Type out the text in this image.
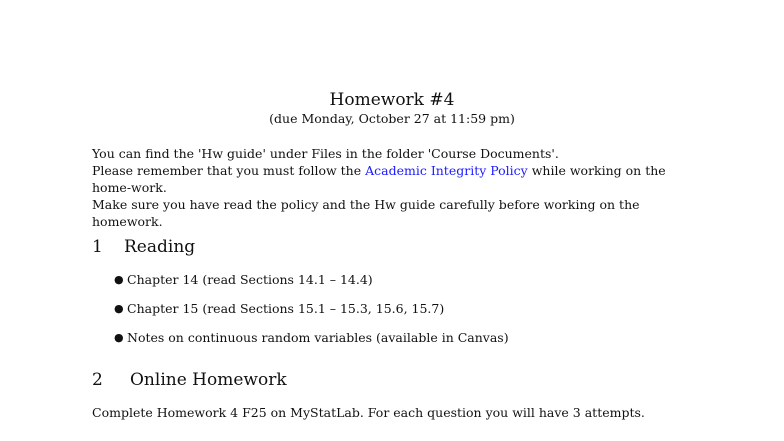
Homework #4
(due Monday, October 27 at 11:59 pm)

You can find the 'Hw guide' under Files in the folder 'Course Documents'.

Please remember that you must follow the Academic Integrity Policy while working on the home-work.

Make sure you have read the policy and the Hw guide carefully before working on the homework.

1 Reading
● Chapter 14 (read Sections 14.1 – 14.4)
● Chapter 15 (read Sections 15.1 – 15.3, 15.6, 15.7)
● Notes on continuous random variables (available in Canvas)
2 Online Homework
Complete Homework 4 F25 on MyStatLab. For each question you will have 3 attempts.
